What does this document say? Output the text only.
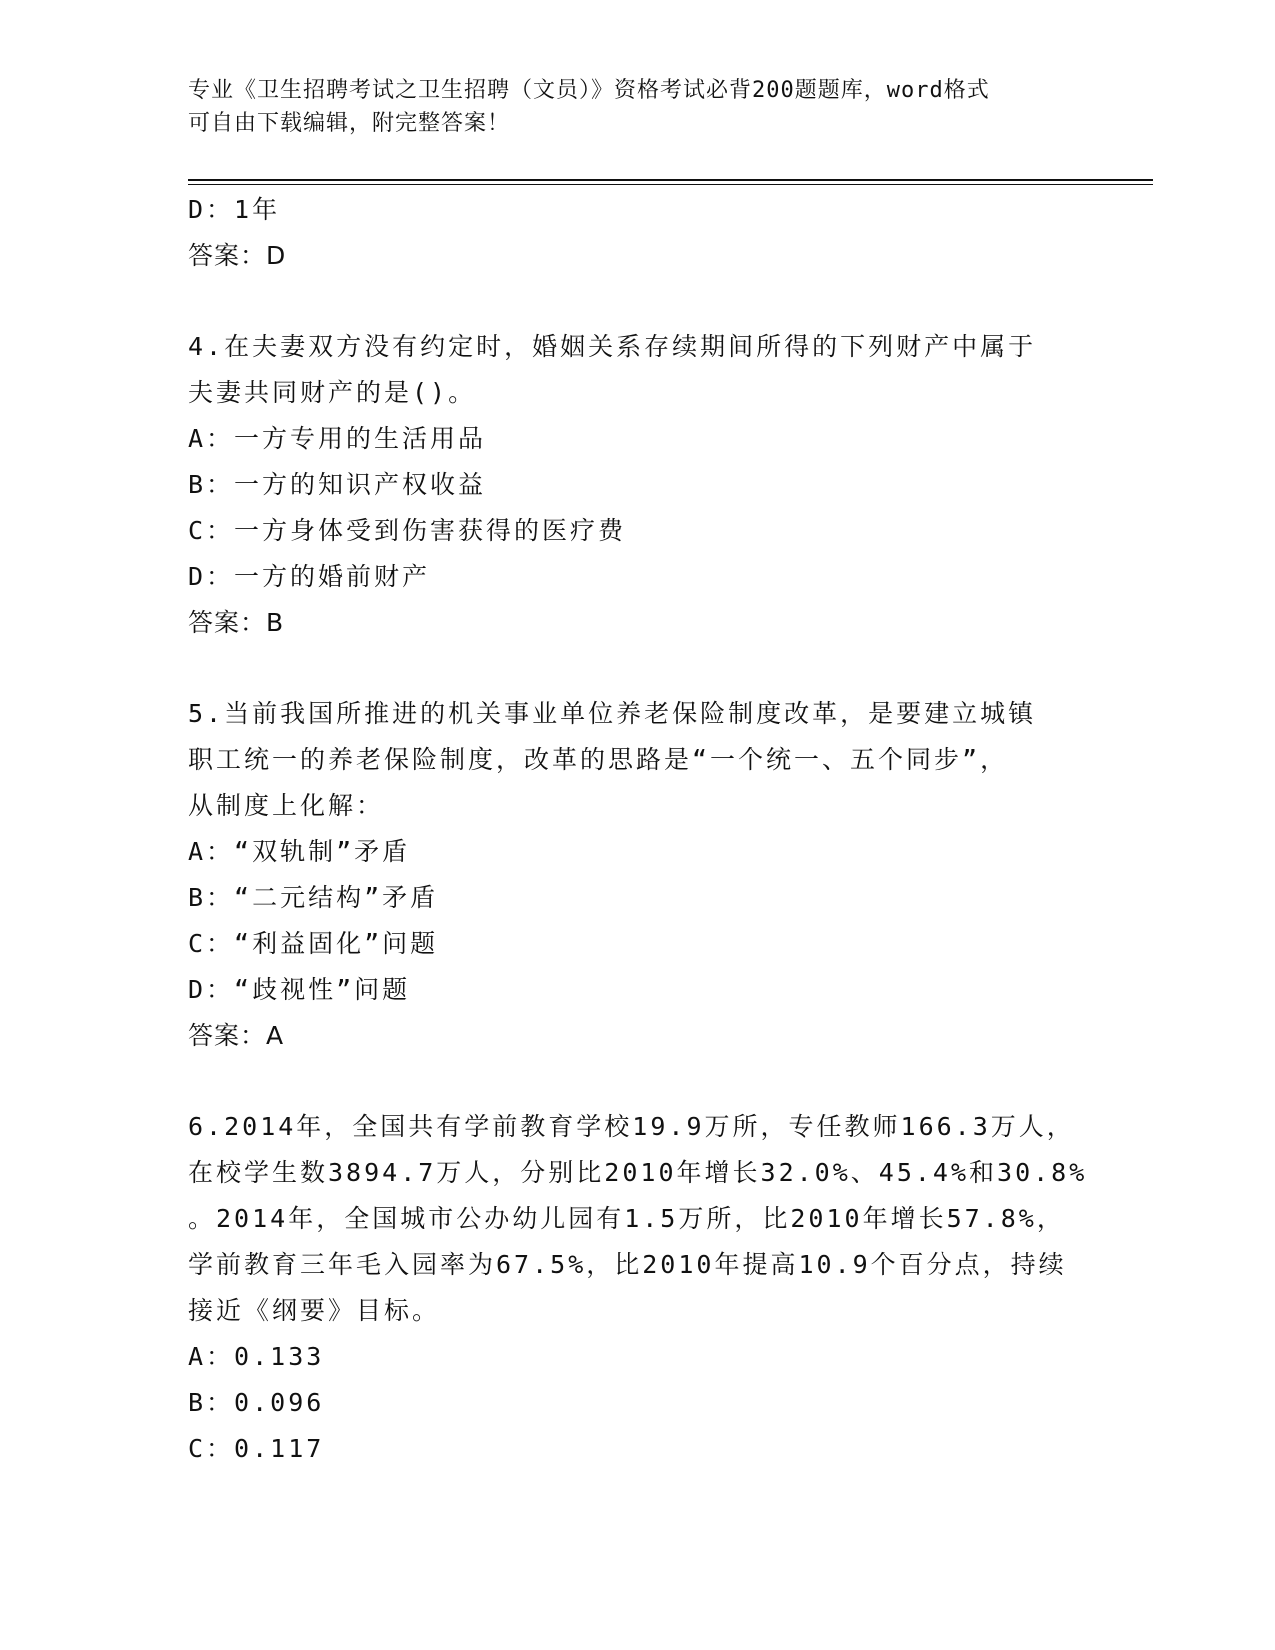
专业《卫生招聘考试之卫生招聘（文员）》资格考试必背200题题库，word格式
可自由下载编辑，附完整答案！
D：1年
答案：D
4.在夫妻双方没有约定时，婚姻关系存续期间所得的下列财产中属于
夫妻共同财产的是()。
A：一方专用的生活用品
B：一方的知识产权收益
C：一方身体受到伤害获得的医疗费
D：一方的婚前财产
答案：B
5.当前我国所推进的机关事业单位养老保险制度改革，是要建立城镇
职工统一的养老保险制度，改革的思路是“一个统一、五个同步”，
从制度上化解：
A：“双轨制”矛盾
B：“二元结构”矛盾
C：“利益固化”问题
D：“歧视性”问题
答案：A
6.2014年，全国共有学前教育学校19.9万所，专任教师166.3万人，
在校学生数3894.7万人，分别比2010年增长32.0%、45.4%和30.8%
。2014年，全国城市公办幼儿园有1.5万所，比2010年增长57.8%，
学前教育三年毛入园率为67.5%，比2010年提高10.9个百分点，持续
接近《纲要》目标。
A：0.133
B：0.096
C：0.117
